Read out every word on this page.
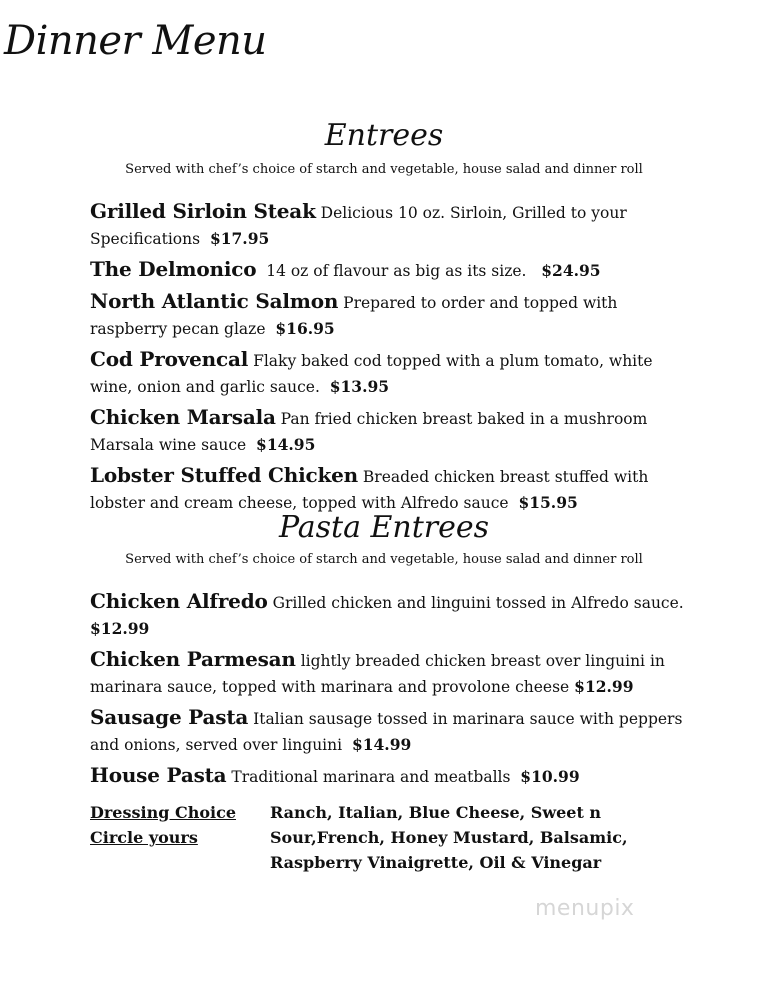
Dinner Menu
Entrees

Served with chef’s choice of starch and vegetable, house salad and dinner roll

Grilled Sirloin Steak Delicious 10 oz. Sirloin, Grilled to your Specifications $17.95

The Delmonico 14 oz of flavour as big as its size. $24.95

North Atlantic Salmon Prepared to order and topped with raspberry pecan glaze $16.95

Cod Provencal Flaky baked cod topped with a plum tomato, white wine, onion and garlic sauce. $13.95

Chicken Marsala Pan fried chicken breast baked in a mushroom Marsala wine sauce $14.95

Lobster Stuffed Chicken Breaded chicken breast stuffed with lobster and cream cheese, topped with Alfredo sauce $15.95

Pasta Entrees

Served with chef’s choice of starch and vegetable, house salad and dinner roll

Chicken Alfredo Grilled chicken and linguini tossed in Alfredo sauce. $12.99

Chicken Parmesan lightly breaded chicken breast over linguini in marinara sauce, topped with marinara and provolone cheese $12.99

Sausage Pasta Italian sausage tossed in marinara sauce with peppers and onions, served over linguini $14.99

House Pasta Traditional marinara and meatballs $10.99

Dressing Choice
Circle yours
Ranch, Italian, Blue Cheese, Sweet n Sour,French, Honey Mustard, Balsamic, Raspberry Vinaigrette, Oil & Vinegar
menupix
